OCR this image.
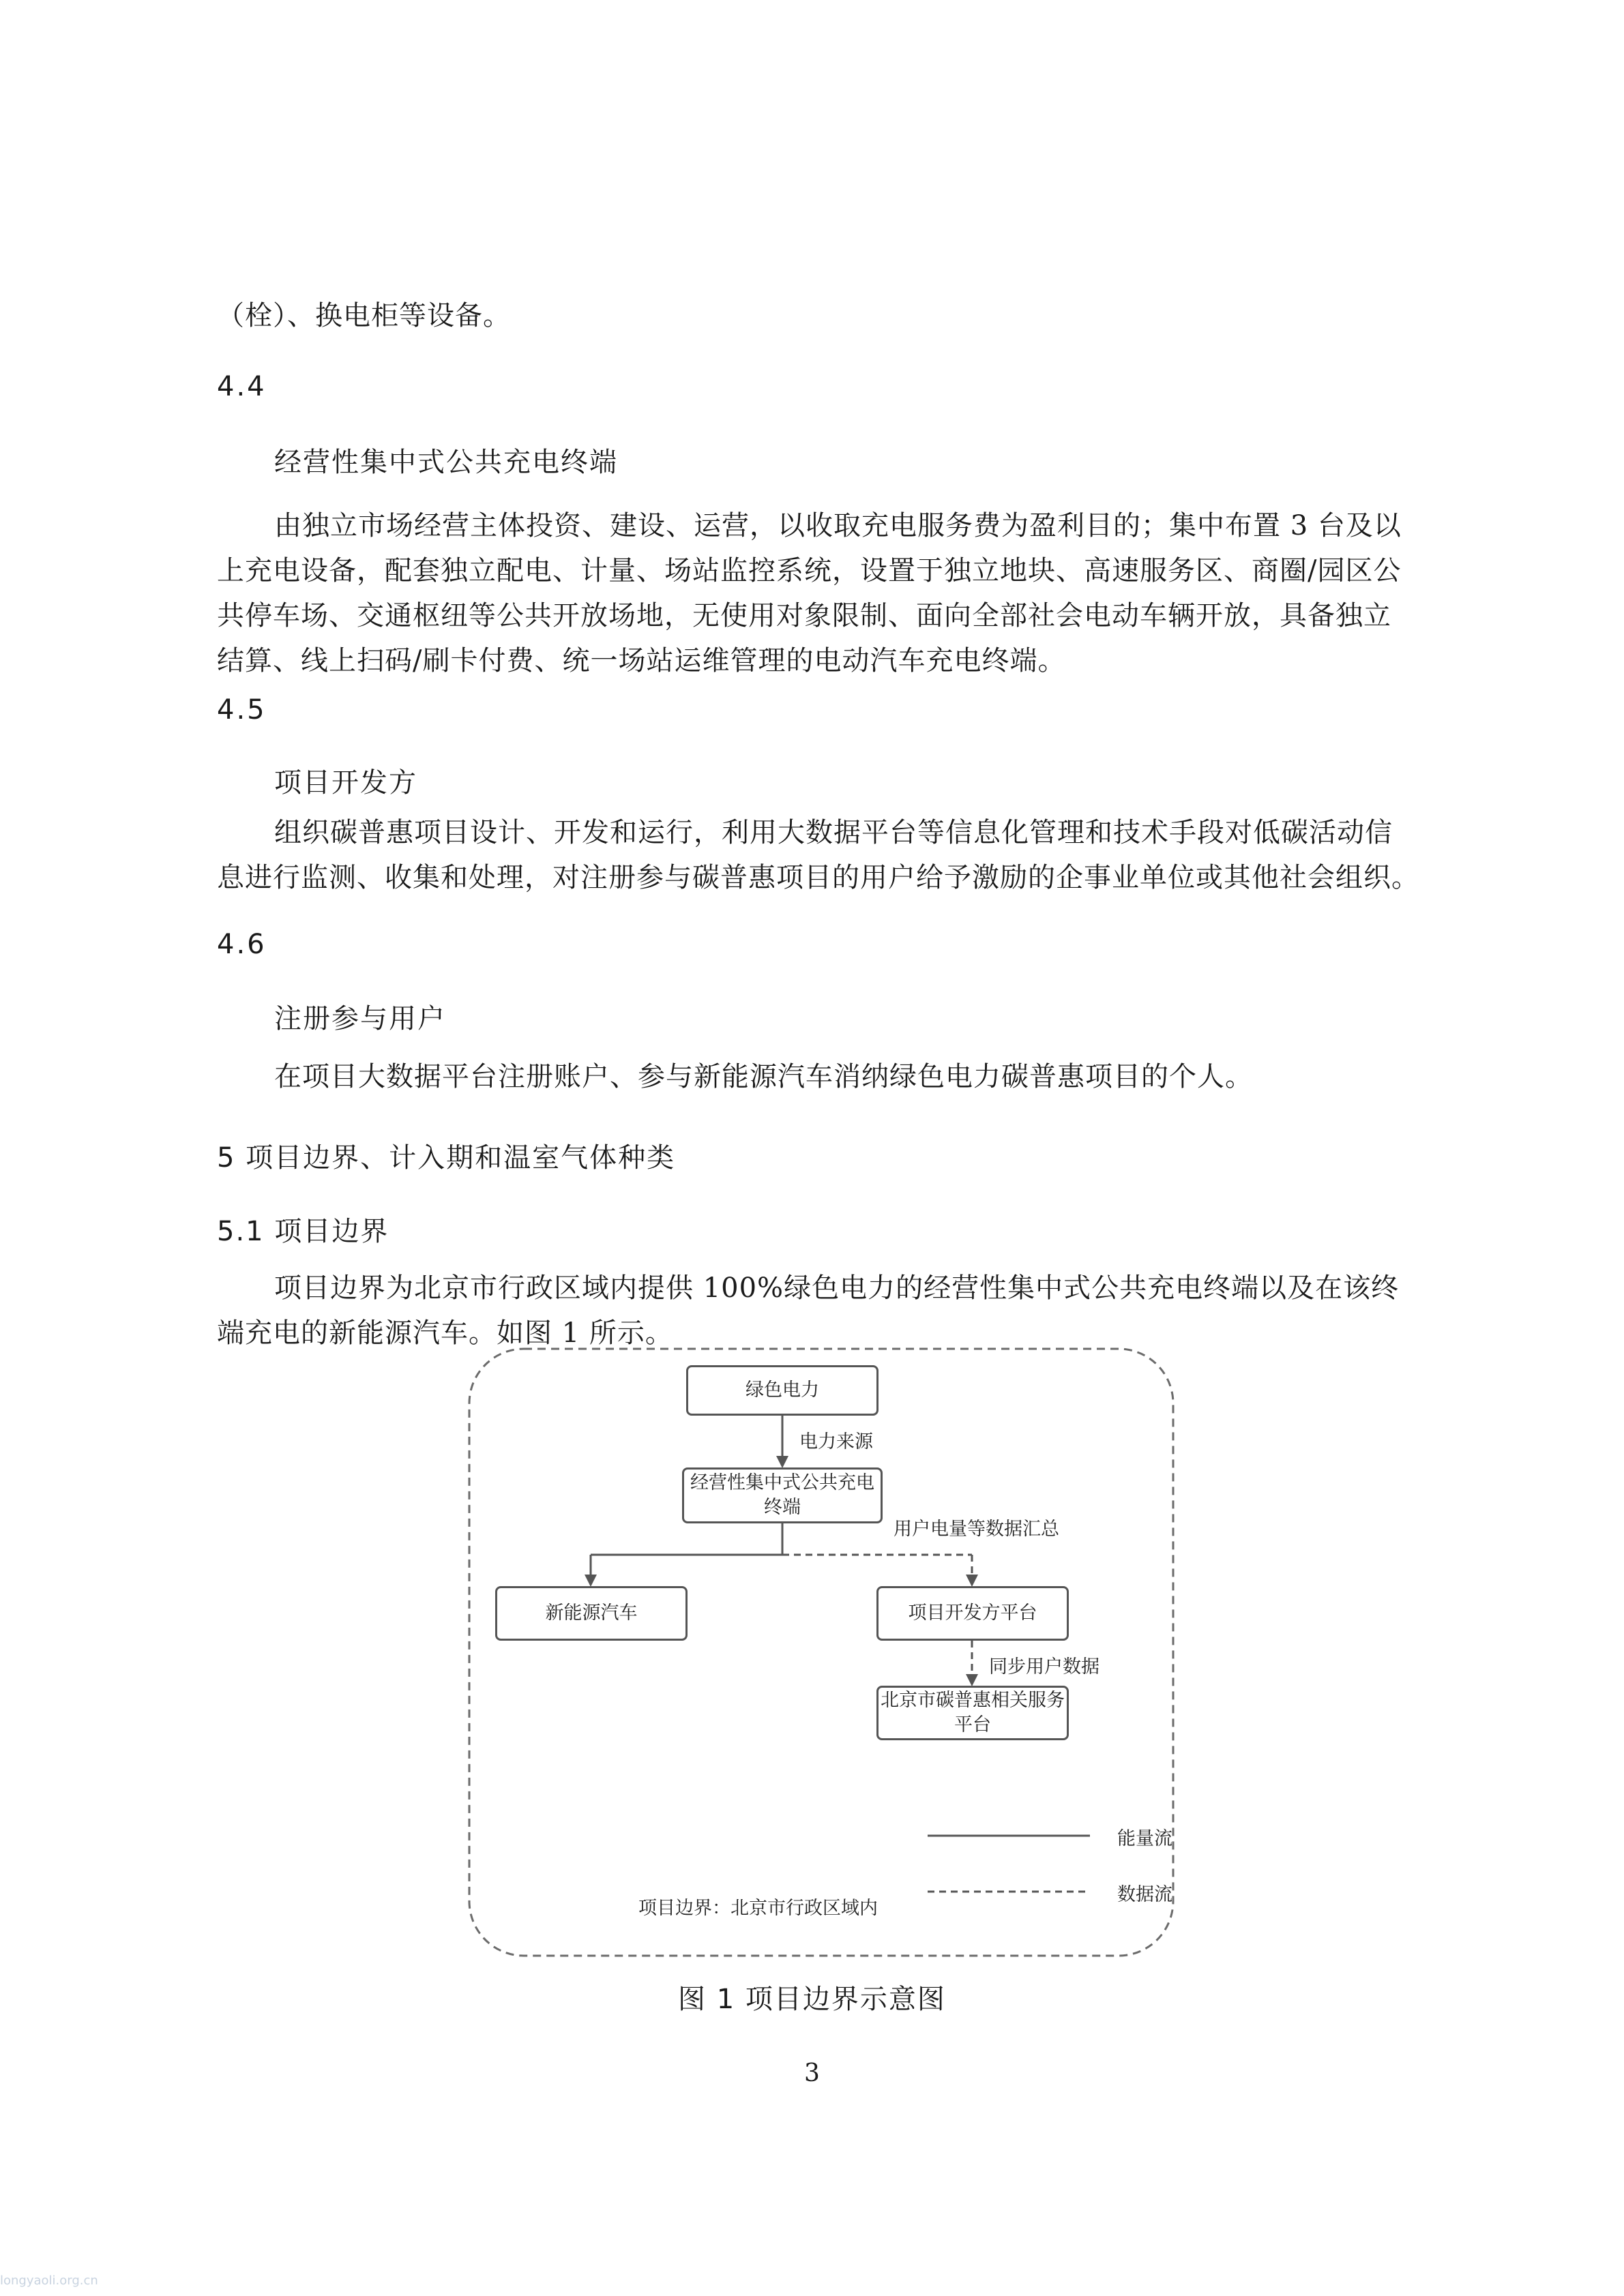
（栓）、换电柜等设备。
4.4
经营性集中式公共充电终端
由独立市场经营主体投资、建设、运营，以收取充电服务费为盈利目的；集中布置 3 台及以
上充电设备，配套独立配电、计量、场站监控系统，设置于独立地块、高速服务区、商圈/园区公
共停车场、交通枢纽等公共开放场地，无使用对象限制、面向全部社会电动车辆开放，具备独立
结算、线上扫码/刷卡付费、统一场站运维管理的电动汽车充电终端。
4.5
项目开发方
组织碳普惠项目设计、开发和运行，利用大数据平台等信息化管理和技术手段对低碳活动信
息进行监测、收集和处理，对注册参与碳普惠项目的用户给予激励的企事业单位或其他社会组织。
4.6
注册参与用户
在项目大数据平台注册账户、参与新能源汽车消纳绿色电力碳普惠项目的个人。
5 项目边界、计入期和温室气体种类
5.1 项目边界
项目边界为北京市行政区域内提供 100%绿色电力的经营性集中式公共充电终端以及在该终
端充电的新能源汽车。如图 1 所示。
绿色电力
电力来源
经营性集中式公共充电
终端
用户电量等数据汇总
新能源汽车	项目开发方平台
同步用户数据
北京市碳普惠相关服务
平台
能量流
数据流
项目边界：北京市行政区域内
图 1 项目边界示意图
3
longyaoli.org.cn
